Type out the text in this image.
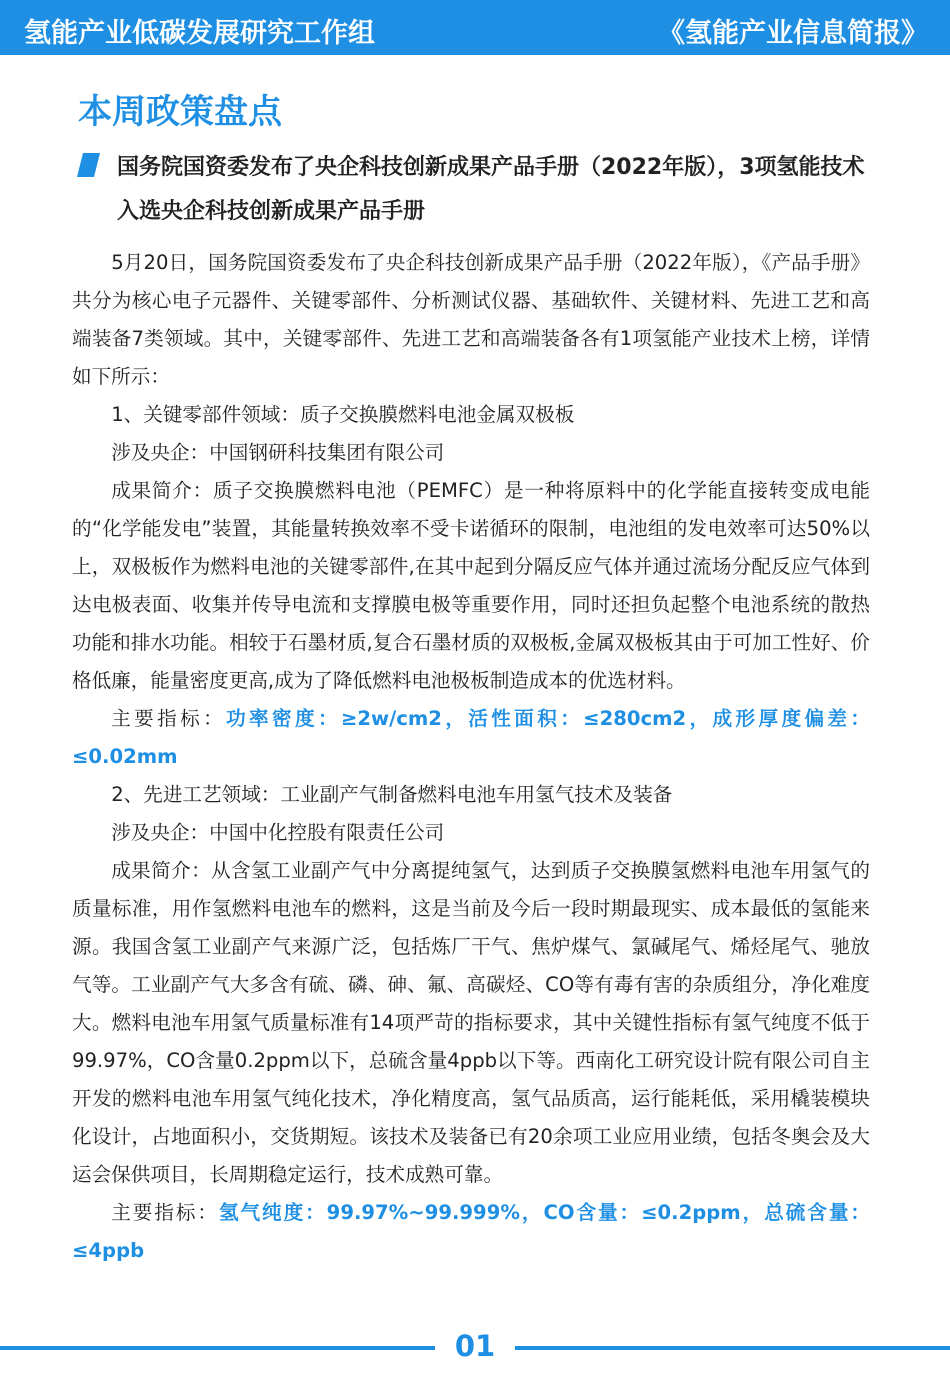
氢能产业低碳发展研究工作组	《氢能产业信息简报》
本周政策盘点
国务院国资委发布了央企科技创新成果产品手册（2022年版），3项氢能技术入选央企科技创新成果产品手册

5月20日，国务院国资委发布了央企科技创新成果产品手册（2022年版），《产品手册》共分为核心电子元器件、关键零部件、分析测试仪器、基础软件、关键材料、先进工艺和高端装备7类领域。其中，关键零部件、先进工艺和高端装备各有1项氢能产业技术上榜，详情如下所示：

1、关键零部件领域：质子交换膜燃料电池金属双极板

涉及央企：中国钢研科技集团有限公司

成果简介：质子交换膜燃料电池（PEMFC）是一种将原料中的化学能直接转变成电能的“化学能发电”装置，其能量转换效率不受卡诺循环的限制，电池组的发电效率可达50%以上，双极板作为燃料电池的关键零部件,在其中起到分隔反应气体并通过流场分配反应气体到达电极表面、收集并传导电流和支撑膜电极等重要作用，同时还担负起整个电池系统的散热功能和排水功能。相较于石墨材质,复合石墨材质的双极板,金属双极板其由于可加工性好、价格低廉，能量密度更高,成为了降低燃料电池极板制造成本的优选材料。

主要指标：功率密度：≥2w/cm2，活性面积：≤280cm2，成形厚度偏差：≤0.02mm

2、先进工艺领域：工业副产气制备燃料电池车用氢气技术及装备

涉及央企：中国中化控股有限责任公司

成果简介：从含氢工业副产气中分离提纯氢气，达到质子交换膜氢燃料电池车用氢气的质量标准，用作氢燃料电池车的燃料，这是当前及今后一段时期最现实、成本最低的氢能来源。我国含氢工业副产气来源广泛，包括炼厂干气、焦炉煤气、氯碱尾气、烯烃尾气、驰放气等。工业副产气大多含有硫、磷、砷、氟、高碳烃、CO等有毒有害的杂质组分，净化难度大。燃料电池车用氢气质量标准有14项严苛的指标要求，其中关键性指标有氢气纯度不低于99.97%，CO含量0.2ppm以下，总硫含量4ppb以下等。西南化工研究设计院有限公司自主开发的燃料电池车用氢气纯化技术，净化精度高，氢气品质高，运行能耗低，采用橇装模块化设计，占地面积小，交货期短。该技术及装备已有20余项工业应用业绩，包括冬奥会及大运会保供项目，长周期稳定运行，技术成熟可靠。

主要指标：氢气纯度：99.97%~99.999%，CO含量：≤0.2ppm，总硫含量：≤4ppb

01
